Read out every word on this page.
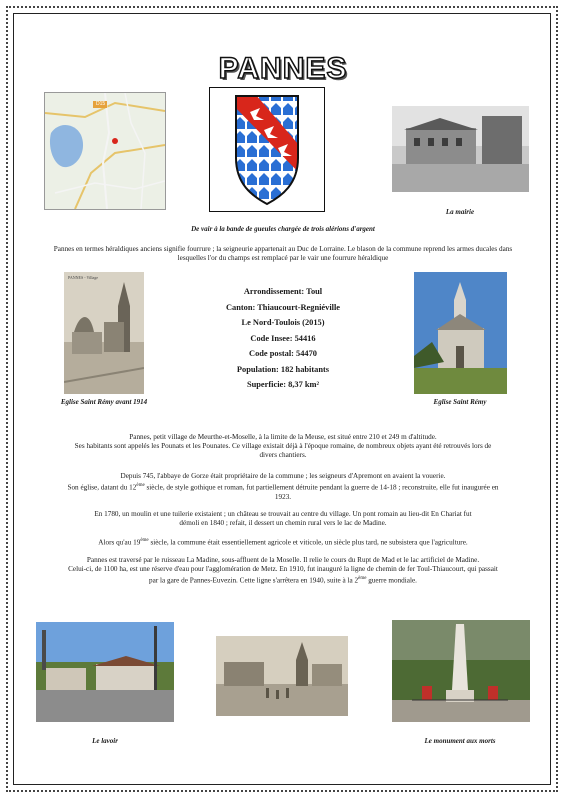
PANNES
D15
De vair à la bande de gueules chargée de trois alérions d'argent
La mairie
Pannes en termes héraldiques anciens signifie fourrure ; la seigneurie appartenait au Duc de Lorraine. Le blason de la commune reprend les armes ducales dans lesquelles l'or du champs est remplacé par le vair une fourrure héraldique
PANNES - Village
Eglise Saint Rémy avant 1914
Arrondissement: Toul
Canton: Thiaucourt-Regniéville
Le Nord-Toulois (2015)
Code Insee: 54416
Code postal: 54470
Population: 182 habitants
Superficie: 8,37 km²
Eglise Saint Rémy
Pannes, petit village de Meurthe-et-Moselle, à la limite de la Meuse, est situé entre 210 et 249 m d'altitude.
Ses habitants sont appelés les Pounats et les Pounates. Ce village existait déjà à l'époque romaine, de nombreux objets ayant été retrouvés lors de
divers chantiers.
Depuis 745, l'abbaye de Gorze était propriétaire de la commune ; les seigneurs d'Apremont en avaient la vouerie.
Son église, datant du 12ème siècle, de style gothique et roman, fut partiellement détruite pendant la guerre de 14-18 ; reconstruite, elle fut inaugurée en
1923.
En 1780, un moulin et une tuilerie existaient ; un château se trouvait au centre du village. Un pont romain au lieu-dit En Chariat fut
démoli en 1840 ; refait, il dessert un chemin rural vers le lac de Madine.
Alors qu'au 19ème siècle, la commune était essentiellement agricole et viticole, un siècle plus tard, ne subsistera que l'agriculture.
Pannes est traversé par le ruisseau La Madine, sous-affluent de la Moselle. Il relie le cours du Rupt de Mad et le lac artificiel de Madine.
Celui-ci, de 1100 ha, est une réserve d'eau pour l'agglomération de Metz. En 1910, fut inauguré la ligne de chemin de fer Toul-Thiaucourt, qui passait
par la gare de Pannes-Euvezin. Cette ligne s'arrêtera en 1940, suite à la 2ème guerre mondiale.
Le lavoir	Le monument aux morts
